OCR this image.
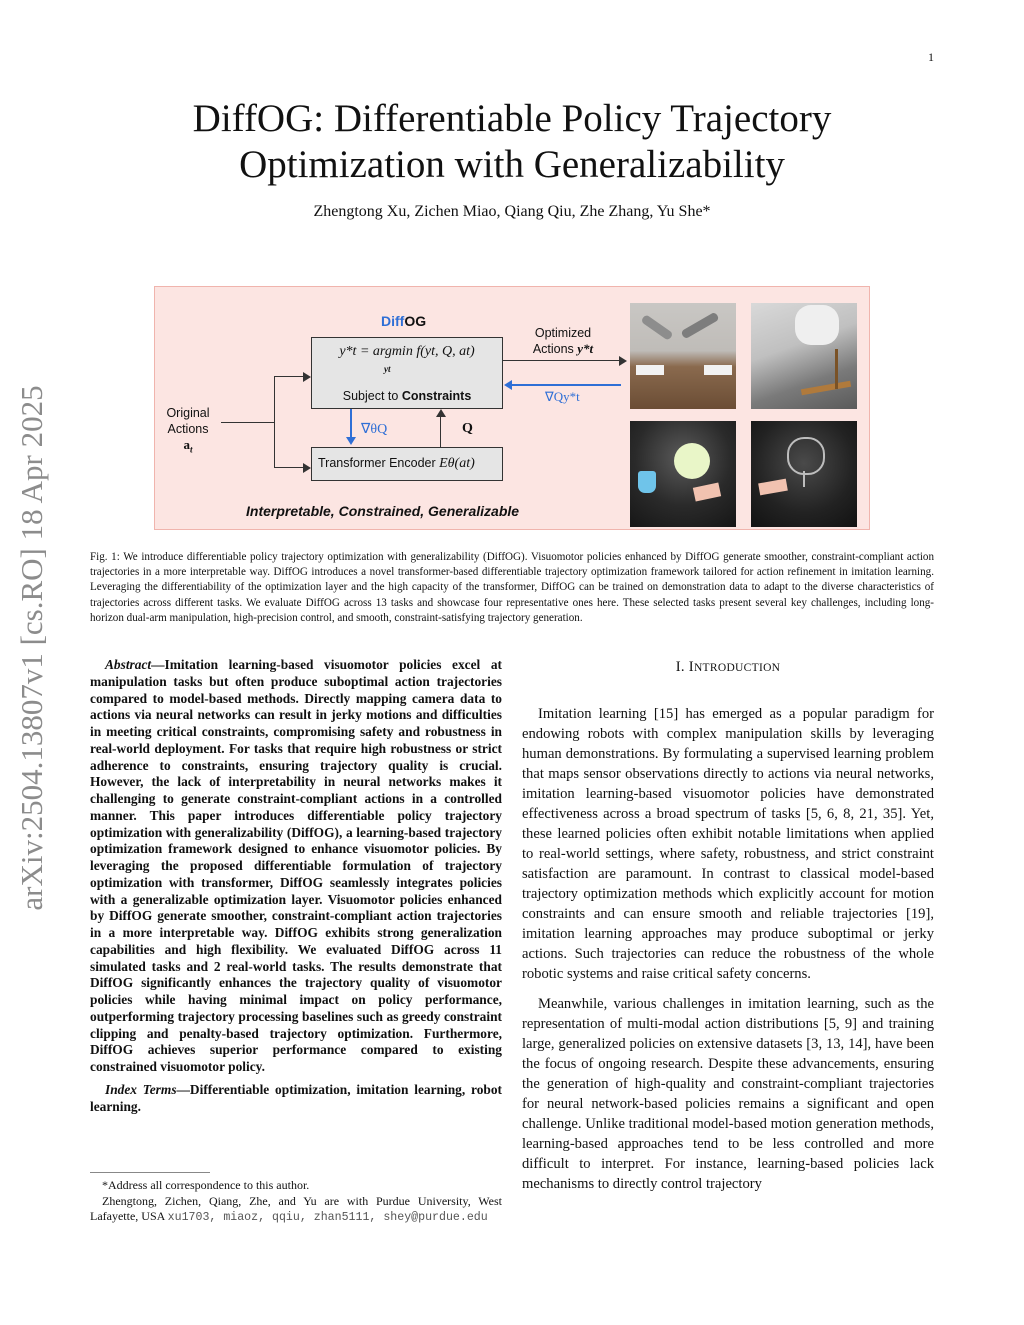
1
arXiv:2504.13807v1 [cs.RO] 18 Apr 2025
DiffOG: Differentiable Policy Trajectory Optimization with Generalizability
Zhengtong Xu, Zichen Miao, Qiang Qiu, Zhe Zhang, Yu She*
DiffOG
y*t = argmin f(yt, Q, at)
yt
Subject to Constraints
Transformer Encoder Eθ(at)
Original
Actions
$a_t$
∇θQ	Q
Optimized
Actions y*t
∇Qy*t
Interpretable, Constrained, Generalizable
Fig. 1: We introduce differentiable policy trajectory optimization with generalizability (DiffOG). Visuomotor policies enhanced by DiffOG generate smoother, constraint-compliant action trajectories in a more interpretable way. DiffOG introduces a novel transformer-based differentiable trajectory optimization framework tailored for action refinement in imitation learning. Leveraging the differentiability of the optimization layer and the high capacity of the transformer, DiffOG can be trained on demonstration data to adapt to the diverse characteristics of trajectories across different tasks. We evaluate DiffOG across 13 tasks and showcase four representative ones here. These selected tasks present several key challenges, including long-horizon dual-arm manipulation, high-precision control, and smooth, constraint-satisfying trajectory generation.

Abstract—Imitation learning-based visuomotor policies excel at manipulation tasks but often produce suboptimal action trajectories compared to model-based methods. Directly mapping camera data to actions via neural networks can result in jerky motions and difficulties in meeting critical constraints, compromising safety and robustness in real-world deployment. For tasks that require high robustness or strict adherence to constraints, ensuring trajectory quality is crucial. However, the lack of interpretability in neural networks makes it challenging to generate constraint-compliant actions in a controlled manner. This paper introduces differentiable policy trajectory optimization with generalizability (DiffOG), a learning-based trajectory optimization framework designed to enhance visuomotor policies. By leveraging the proposed differentiable formulation of trajectory optimization with transformer, DiffOG seamlessly integrates policies with a generalizable optimization layer. Visuomotor policies enhanced by DiffOG generate smoother, constraint-compliant action trajectories in a more interpretable way. DiffOG exhibits strong generalization capabilities and high flexibility. We evaluated DiffOG across 11 simulated tasks and 2 real-world tasks. The results demonstrate that DiffOG significantly enhances the trajectory quality of visuomotor policies while having minimal impact on policy performance, outperforming trajectory processing baselines such as greedy constraint clipping and penalty-based trajectory optimization. Furthermore, DiffOG achieves superior performance compared to existing constrained visuomotor policy.

Index Terms—Differentiable optimization, imitation learning, robot learning.

*Address all correspondence to this author.

Zhengtong, Zichen, Qiang, Zhe, and Yu are with Purdue University, West Lafayette, USA xu1703, miaoz, qqiu, zhan5111, shey@purdue.edu

I. INTRODUCTION

Imitation learning [15] has emerged as a popular paradigm for endowing robots with complex manipulation skills by leveraging human demonstrations. By formulating a supervised learning problem that maps sensor observations directly to actions via neural networks, imitation learning-based visuomotor policies have demonstrated effectiveness across a broad spectrum of tasks [5, 6, 8, 21, 35]. Yet, these learned policies often exhibit notable limitations when applied to real-world settings, where safety, robustness, and strict constraint satisfaction are paramount. In contrast to classical model-based trajectory optimization methods which explicitly account for motion constraints and can ensure smooth and reliable trajectories [19], imitation learning approaches may produce suboptimal or jerky actions. Such trajectories can reduce the robustness of the whole robotic systems and raise critical safety concerns.

Meanwhile, various challenges in imitation learning, such as the representation of multi-modal action distributions [5, 9] and training large, generalized policies on extensive datasets [3, 13, 14], have been the focus of ongoing research. Despite these advancements, ensuring the generation of high-quality and constraint-compliant trajectories for neural network-based policies remains a significant and open challenge. Unlike traditional model-based motion generation methods, learning-based approaches tend to be less controlled and more difficult to interpret. For instance, learning-based policies lack mechanisms to directly control trajectory
